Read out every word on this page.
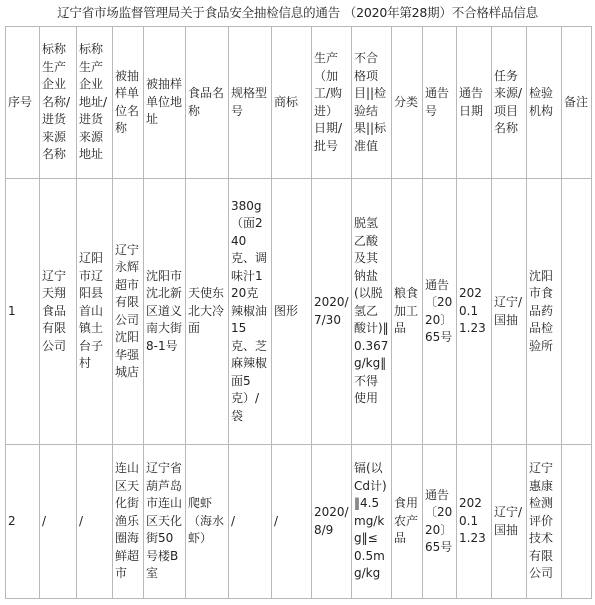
辽宁省市场监督管理局关于食品安全抽检信息的通告 （2020年第28期）不合格样品信息
序号	标称生产企业名称/进货来源名称	标称生产企业地址/进货来源地址	被抽样单位名称	被抽样单位地址	食品名称	规格型号	商标	生产（加工/购进）日期/批号	不合格项目||检验结果||标准值	分类	通告号	通告日期	任务来源/项目名称	检验机构	备注

1	辽宁天翔食品有限公司	辽阳市辽阳县首山镇土台子村	辽宁永辉超市有限公司沈阳华强城店	沈阳市沈北新区道义南大街8-1号	天使东北大冷面	380g（面240克、调味汁120克辣椒油15克、芝麻辣椒面5克）/袋	图形	2020/7/30	脱氢乙酸及其钠盐(以脱氢乙酸计)‖0.367g/kg‖不得使用	粮食加工品	通告〔2020〕65号	2020.1 1.23	辽宁/国抽	沈阳市食品药品检验所	

2	/	/	连山区天化街渔乐圈海鲜超市	辽宁省葫芦岛市连山区天化街50号楼B室	爬虾（海水虾）	/	/	2020/8/9	镉(以Cd计)‖4.5mg/kg‖≤0.5mg/kg	食用农产品	通告〔2020〕65号	2020.1 1.23	辽宁/国抽	辽宁惠康检测评价技术有限公司	
